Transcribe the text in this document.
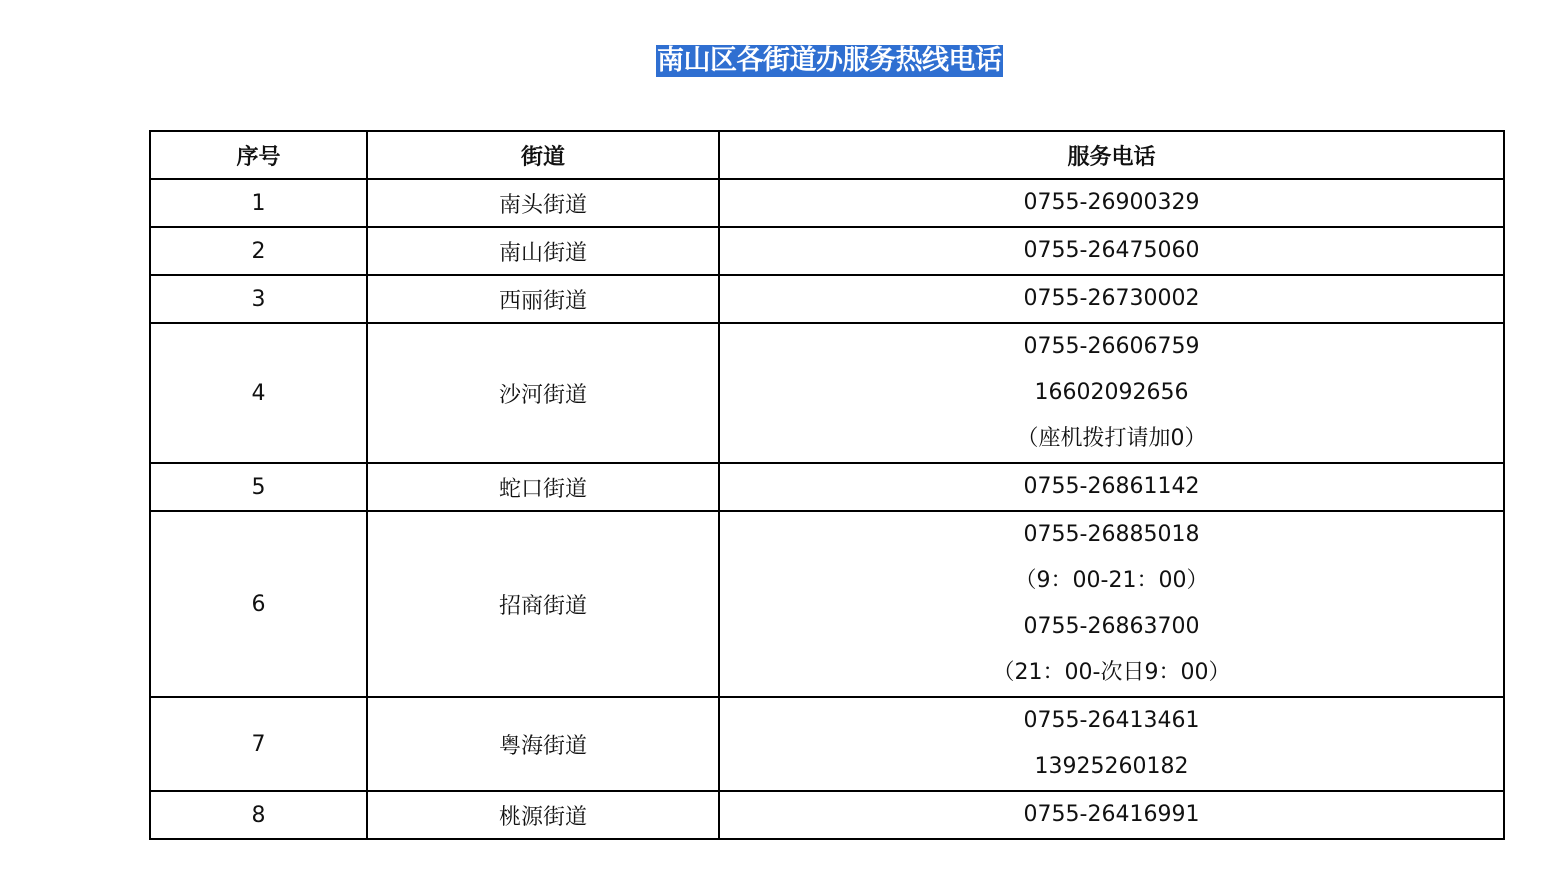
南山区各街道办服务热线电话
序号	街道	服务电话
1	南头街道	0755-26900329

2	南山街道	0755-26475060

3	西丽街道	0755-26730002

4	沙河街道	0755-26606759
16602092656
（座机拨打请加0）

5	蛇口街道	0755-26861142

6	招商街道	0755-26885018
（9：00-21：00）
0755-26863700
（21：00-次日9：00）

7	粤海街道	0755-26413461
13925260182

8	桃源街道	0755-26416991
